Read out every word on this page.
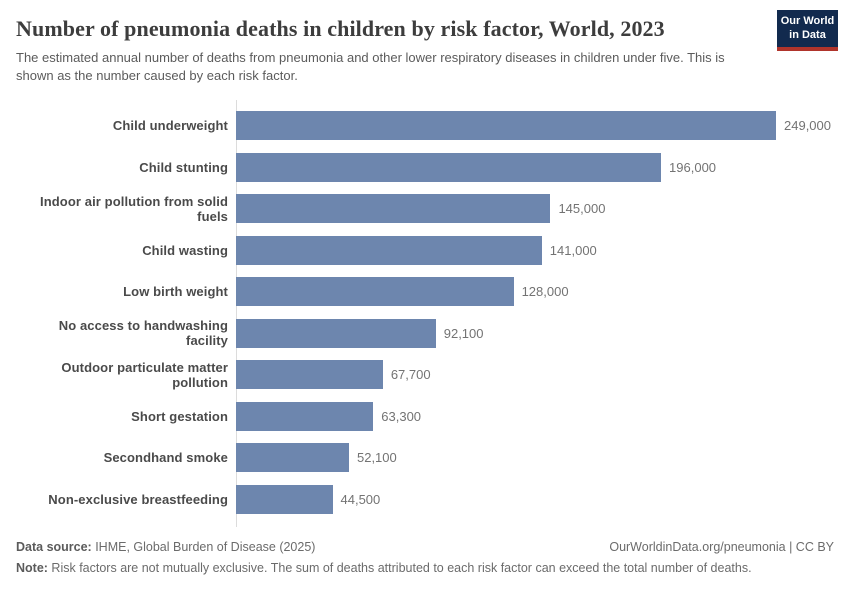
Number of pneumonia deaths in children by risk factor, World, 2023
The estimated annual number of deaths from pneumonia and other lower respiratory diseases in children under five. This is shown as the number caused by each risk factor.
Our World
in Data
Child underweight	249,000
Child stunting	196,000
Indoor air pollution from solid fuels	145,000
Child wasting	141,000
Low birth weight	128,000
No access to handwashing facility	92,100
Outdoor particulate matter pollution	67,700
Short gestation	63,300
Secondhand smoke	52,100
Non-exclusive breastfeeding	44,500
Data source: IHME, Global Burden of Disease (2025)	OurWorldinData.org/pneumonia | CC BY
Note: Risk factors are not mutually exclusive. The sum of deaths attributed to each risk factor can exceed the total number of deaths.
